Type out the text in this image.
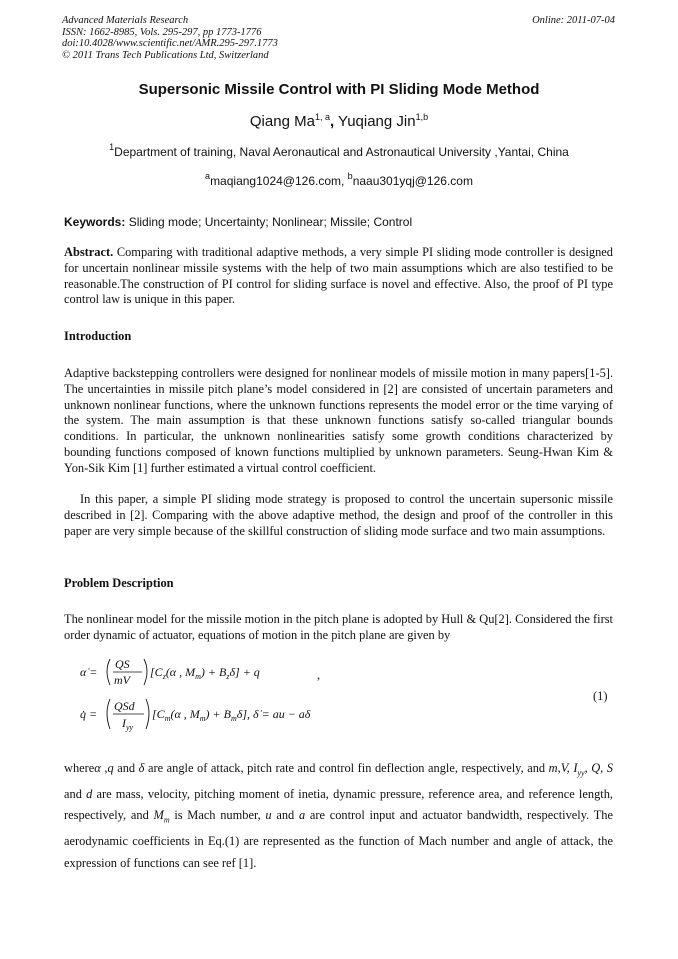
Advanced Materials Research
ISSN: 1662-8985, Vols. 295-297, pp 1773-1776
doi:10.4028/www.scientific.net/AMR.295-297.1773
© 2011 Trans Tech Publications Ltd, Switzerland
Online: 2011-07-04
Supersonic Missile Control with PI Sliding Mode Method
Qiang Ma$^{1, a}$, Yuqiang Jin$^{1,b}$
$^1$Department of training, Naval Aeronautical and Astronautical University ,Yantai, China
$^a$maqiang1024@126.com, $^b$naau301yqj@126.com
Keywords: Sliding mode; Uncertainty; Nonlinear; Missile; Control
Abstract. Comparing with traditional adaptive methods, a very simple PI sliding mode controller is designed for uncertain nonlinear missile systems with the help of two main assumptions which are also testified to be reasonable.The construction of PI control for sliding surface is novel and effective. Also, the proof of PI type control law is unique in this paper.
Introduction
Adaptive backstepping controllers were designed for nonlinear models of missile motion in many papers[1-5]. The uncertainties in missile pitch plane’s model considered in [2] are consisted of uncertain parameters and unknown nonlinear functions, where the unknown functions represents the model error or the time varying of the system. The main assumption is that these unknown functions satisfy so-called triangular bounds conditions. In particular, the unknown nonlinearities satisfy some growth conditions characterized by bounding functions composed of known functions multiplied by unknown parameters. Seung-Hwan Kim & Yon-Sik Kim [1] further estimated a virtual control coefficient.
In this paper, a simple PI sliding mode strategy is proposed to control the uncertain supersonic missile described in [2]. Comparing with the above adaptive method, the design and proof of the controller in this paper are very simple because of the skillful construction of sliding mode surface and two main assumptions.
Problem Description
The nonlinear model for the missile motion in the pitch plane is adopted by Hull & Qu[2]. Considered the first order dynamic of actuator, equations of motion in the pitch plane are given by
α̇ =
QS
mV
[$C_z(\alpha$ , $M_m) + B_z\delta] + q$
q̇ =
QSd
$I_{yy}$
[$C_m(\alpha$ , $M_m) + B_m\delta$], δ̇ = au − aδ
,
(1)
whereα ,q and δ are angle of attack, pitch rate and control fin deflection angle, respectively, and m,V, $I_{yy}$, Q, S and d are mass, velocity, pitching moment of inetia, dynamic pressure, reference area, and reference length, respectively, and $M_m$ is Mach number, u and a are control input and actuator bandwidth, respectively. The aerodynamic coefficients in Eq.(1) are represented as the function of Mach number and angle of attack, the expression of functions can see ref [1].
